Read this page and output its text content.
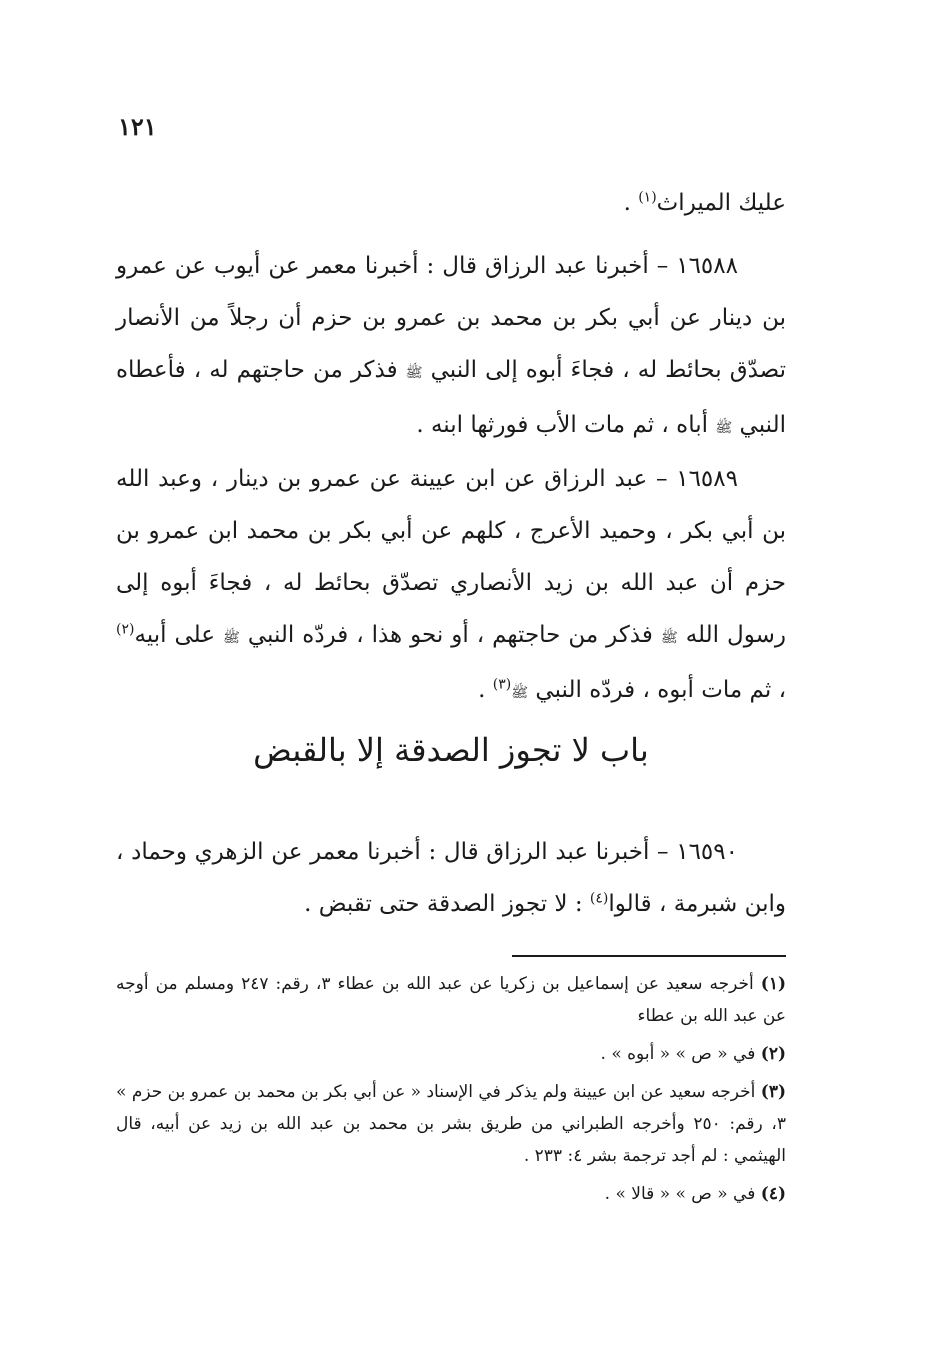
١٢١

عليك الميراث$^{(١)}$ .

١٦٥٨٨ – أخبرنا عبد الرزاق قال : أخبرنا معمر عن أيوب عن عمرو بن دينار عن أبي بكر بن محمد بن عمرو بن حزم أن رجلاً من الأنصار تصدّق بحائط له ، فجاءَ أبوه إلى النبي ﷺ فذكر من حاجتهم له ، فأعطاه النبي ﷺ أباه ، ثم مات الأب فورثها ابنه .

١٦٥٨٩ – عبد الرزاق عن ابن عيينة عن عمرو بن دينار ، وعبد الله بن أبي بكر ، وحميد الأعرج ، كلهم عن أبي بكر بن محمد ابن عمرو بن حزم أن عبد الله بن زيد الأنصاري تصدّق بحائط له ، فجاءَ أبوه إلى رسول الله ﷺ فذكر من حاجتهم ، أو نحو هذا ، فردّه النبي ﷺ على أبيه$^{(٢)}$ ، ثم مات أبوه ، فردّه النبي ﷺ$^{(٣)}$ .

باب لا تجوز الصدقة إلا بالقبض

١٦٥٩٠ – أخبرنا عبد الرزاق قال : أخبرنا معمر عن الزهري وحماد ، وابن شبرمة ، قالوا$^{(٤)}$ : لا تجوز الصدقة حتى تقبض .

(١) أخرجه سعيد عن إسماعيل بن زكريا عن عبد الله بن عطاء ٣، رقم: ٢٤٧ ومسلم من أوجه عن عبد الله بن عطاء

(٢) في « ص » « أبوه » .

(٣) أخرجه سعيد عن ابن عيينة ولم يذكر في الإسناد « عن أبي بكر بن محمد بن عمرو بن حزم » ٣، رقم: ٢٥٠ وأخرجه الطبراني من طريق بشر بن محمد بن عبد الله بن زيد عن أبيه، قال الهيثمي : لم أجد ترجمة بشر ٤: ٢٣٣ .

(٤) في « ص » « قالا » .
